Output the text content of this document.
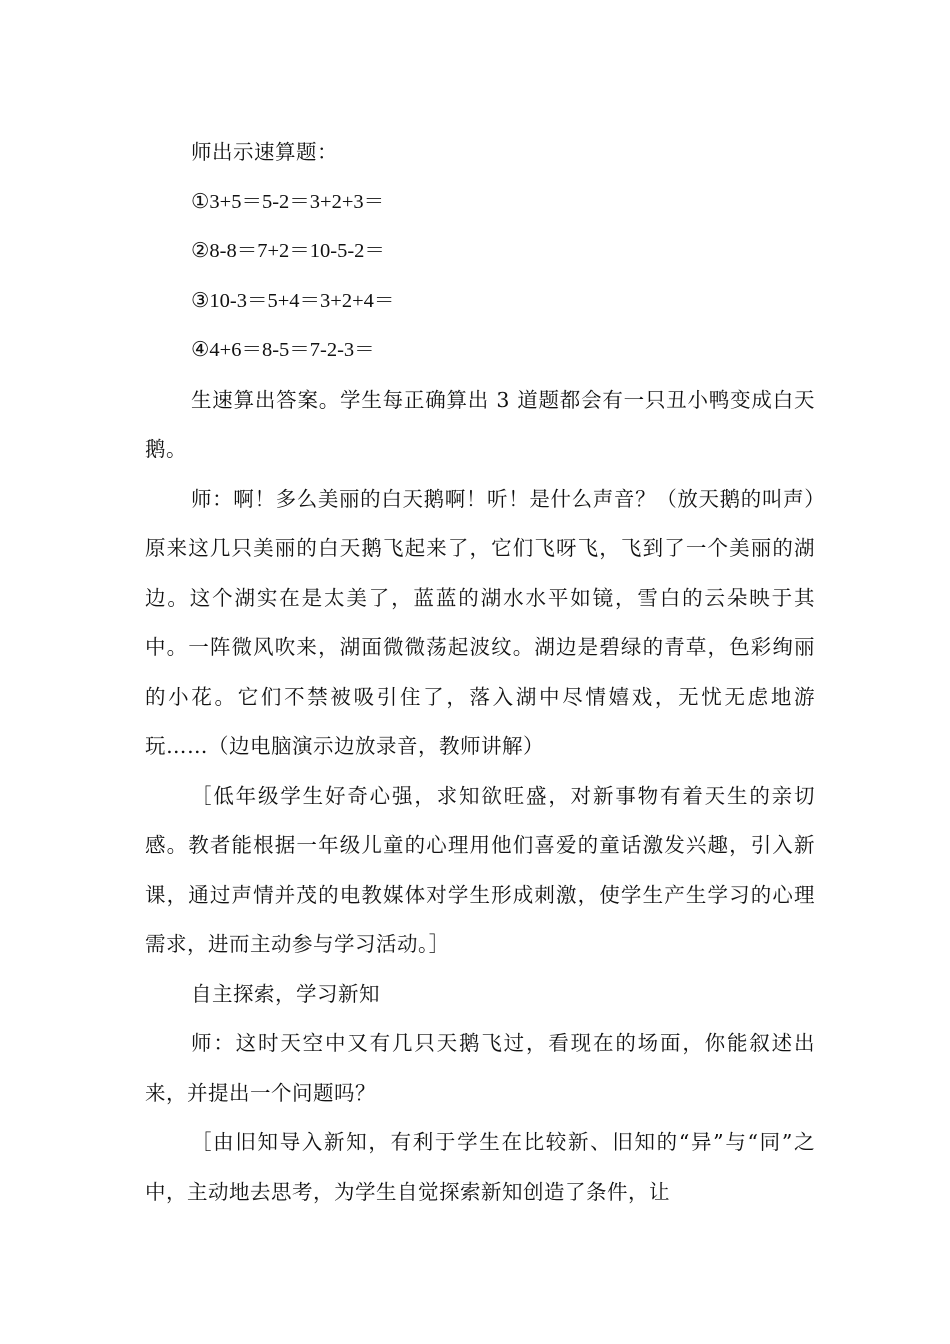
师出示速算题：

①3+5＝5-2＝3+2+3＝

②8-8＝7+2＝10-5-2＝

③10-3＝5+4＝3+2+4＝

④4+6＝8-5＝7-2-3＝

生速算出答案。学生每正确算出 3 道题都会有一只丑小鸭变成白天鹅。

师：啊！多么美丽的白天鹅啊！听！是什么声音？（放天鹅的叫声）原来这几只美丽的白天鹅飞起来了，它们飞呀飞，飞到了一个美丽的湖边。这个湖实在是太美了，蓝蓝的湖水水平如镜，雪白的云朵映于其中。一阵微风吹来，湖面微微荡起波纹。湖边是碧绿的青草，色彩绚丽的小花。它们不禁被吸引住了，落入湖中尽情嬉戏，无忧无虑地游玩……（边电脑演示边放录音，教师讲解）

［低年级学生好奇心强，求知欲旺盛，对新事物有着天生的亲切感。教者能根据一年级儿童的心理用他们喜爱的童话激发兴趣，引入新课，通过声情并茂的电教媒体对学生形成刺激，使学生产生学习的心理需求，进而主动参与学习活动。］

自主探索，学习新知

师：这时天空中又有几只天鹅飞过，看现在的场面，你能叙述出来，并提出一个问题吗？

［由旧知导入新知，有利于学生在比较新、旧知的“异”与“同”之中，主动地去思考，为学生自觉探索新知创造了条件，让
